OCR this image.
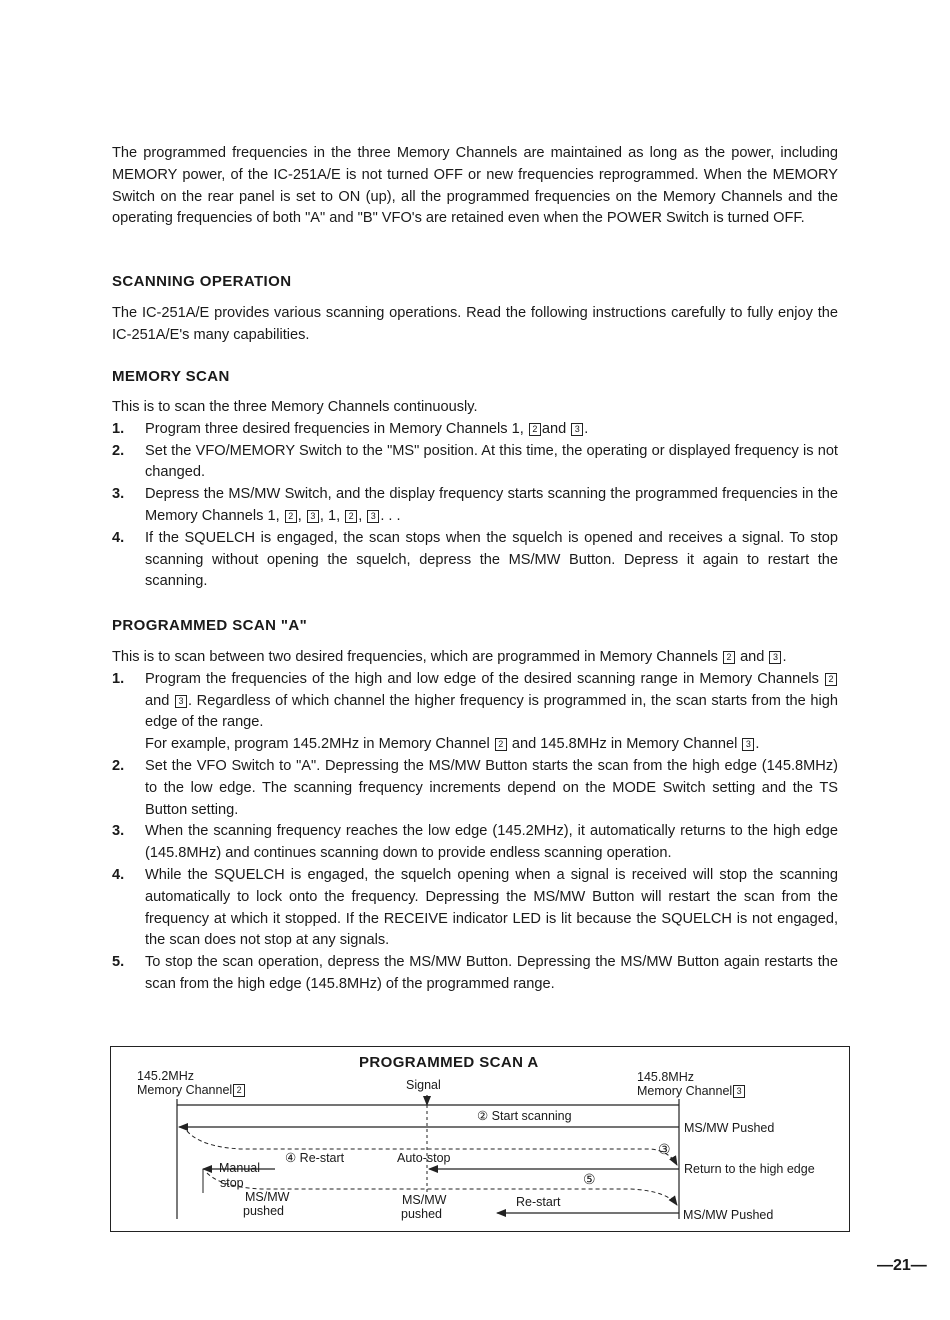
The programmed frequencies in the three Memory Channels are maintained as long as the power, including MEMORY power, of the IC-251A/E is not turned OFF or new frequencies reprogrammed. When the MEMORY Switch on the rear panel is set to ON (up), all the programmed frequencies on the Memory Channels and the operating frequencies of both "A" and "B" VFO's are retained even when the POWER Switch is turned OFF.

SCANNING OPERATION

The IC-251A/E provides various scanning operations. Read the following instructions carefully to fully enjoy the IC-251A/E's many capabilities.

MEMORY SCAN

This is to scan the three Memory Channels continuously.

1. Program three desired frequencies in Memory Channels 1, 2 and 3 .
2. Set the VFO/MEMORY Switch to the "MS" position. At this time, the operating or displayed frequency is not changed.
3. Depress the MS/MW Switch, and the display frequency starts scanning the programmed frequencies in the Memory Channels 1, 2 , 3 , 1, 2 , 3 . . .
4. If the SQUELCH is engaged, the scan stops when the squelch is opened and receives a signal. To stop scanning without opening the squelch, depress the MS/MW Button. Depress it again to restart the scanning.
PROGRAMMED SCAN "A"

This is to scan between two desired frequencies, which are programmed in Memory Channels 2 and 3 .

1. Program the frequencies of the high and low edge of the desired scanning range in Memory Channels 2 and 3 . Regardless of which channel the higher frequency is programmed in, the scan starts from the high edge of the range.
For example, program 145.2MHz in Memory Channel 2 and 145.8MHz in Memory Channel 3 .
2. Set the VFO Switch to "A". Depressing the MS/MW Button starts the scan from the high edge (145.8MHz) to the low edge. The scanning frequency increments depend on the MODE Switch setting and the TS Button setting.
3. When the scanning frequency reaches the low edge (145.2MHz), it automatically returns to the high edge (145.8MHz) and continues scanning down to provide endless scanning operation.
4. While the SQUELCH is engaged, the squelch opening when a signal is received will stop the scanning automatically to lock onto the frequency. Depressing the MS/MW Button will restart the scan from the frequency at which it stopped. If the RECEIVE indicator LED is lit because the SQUELCH is not engaged, the scan does not stop at any signals.
5. To stop the scan operation, depress the MS/MW Button. Depressing the MS/MW Button again restarts the scan from the high edge (145.8MHz) of the programmed range.
PROGRAMMED SCAN A
145.2MHz
Memory Channel 2	Signal
145.8MHz
Memory Channel 3
② Start scanning
MS/MW Pushed
③
④ Re-start	Auto-stop
Manual
stop
Return to the high edge
⑤
MS/MW
pushed
MS/MW
pushed
Re-start
MS/MW Pushed
—21—
